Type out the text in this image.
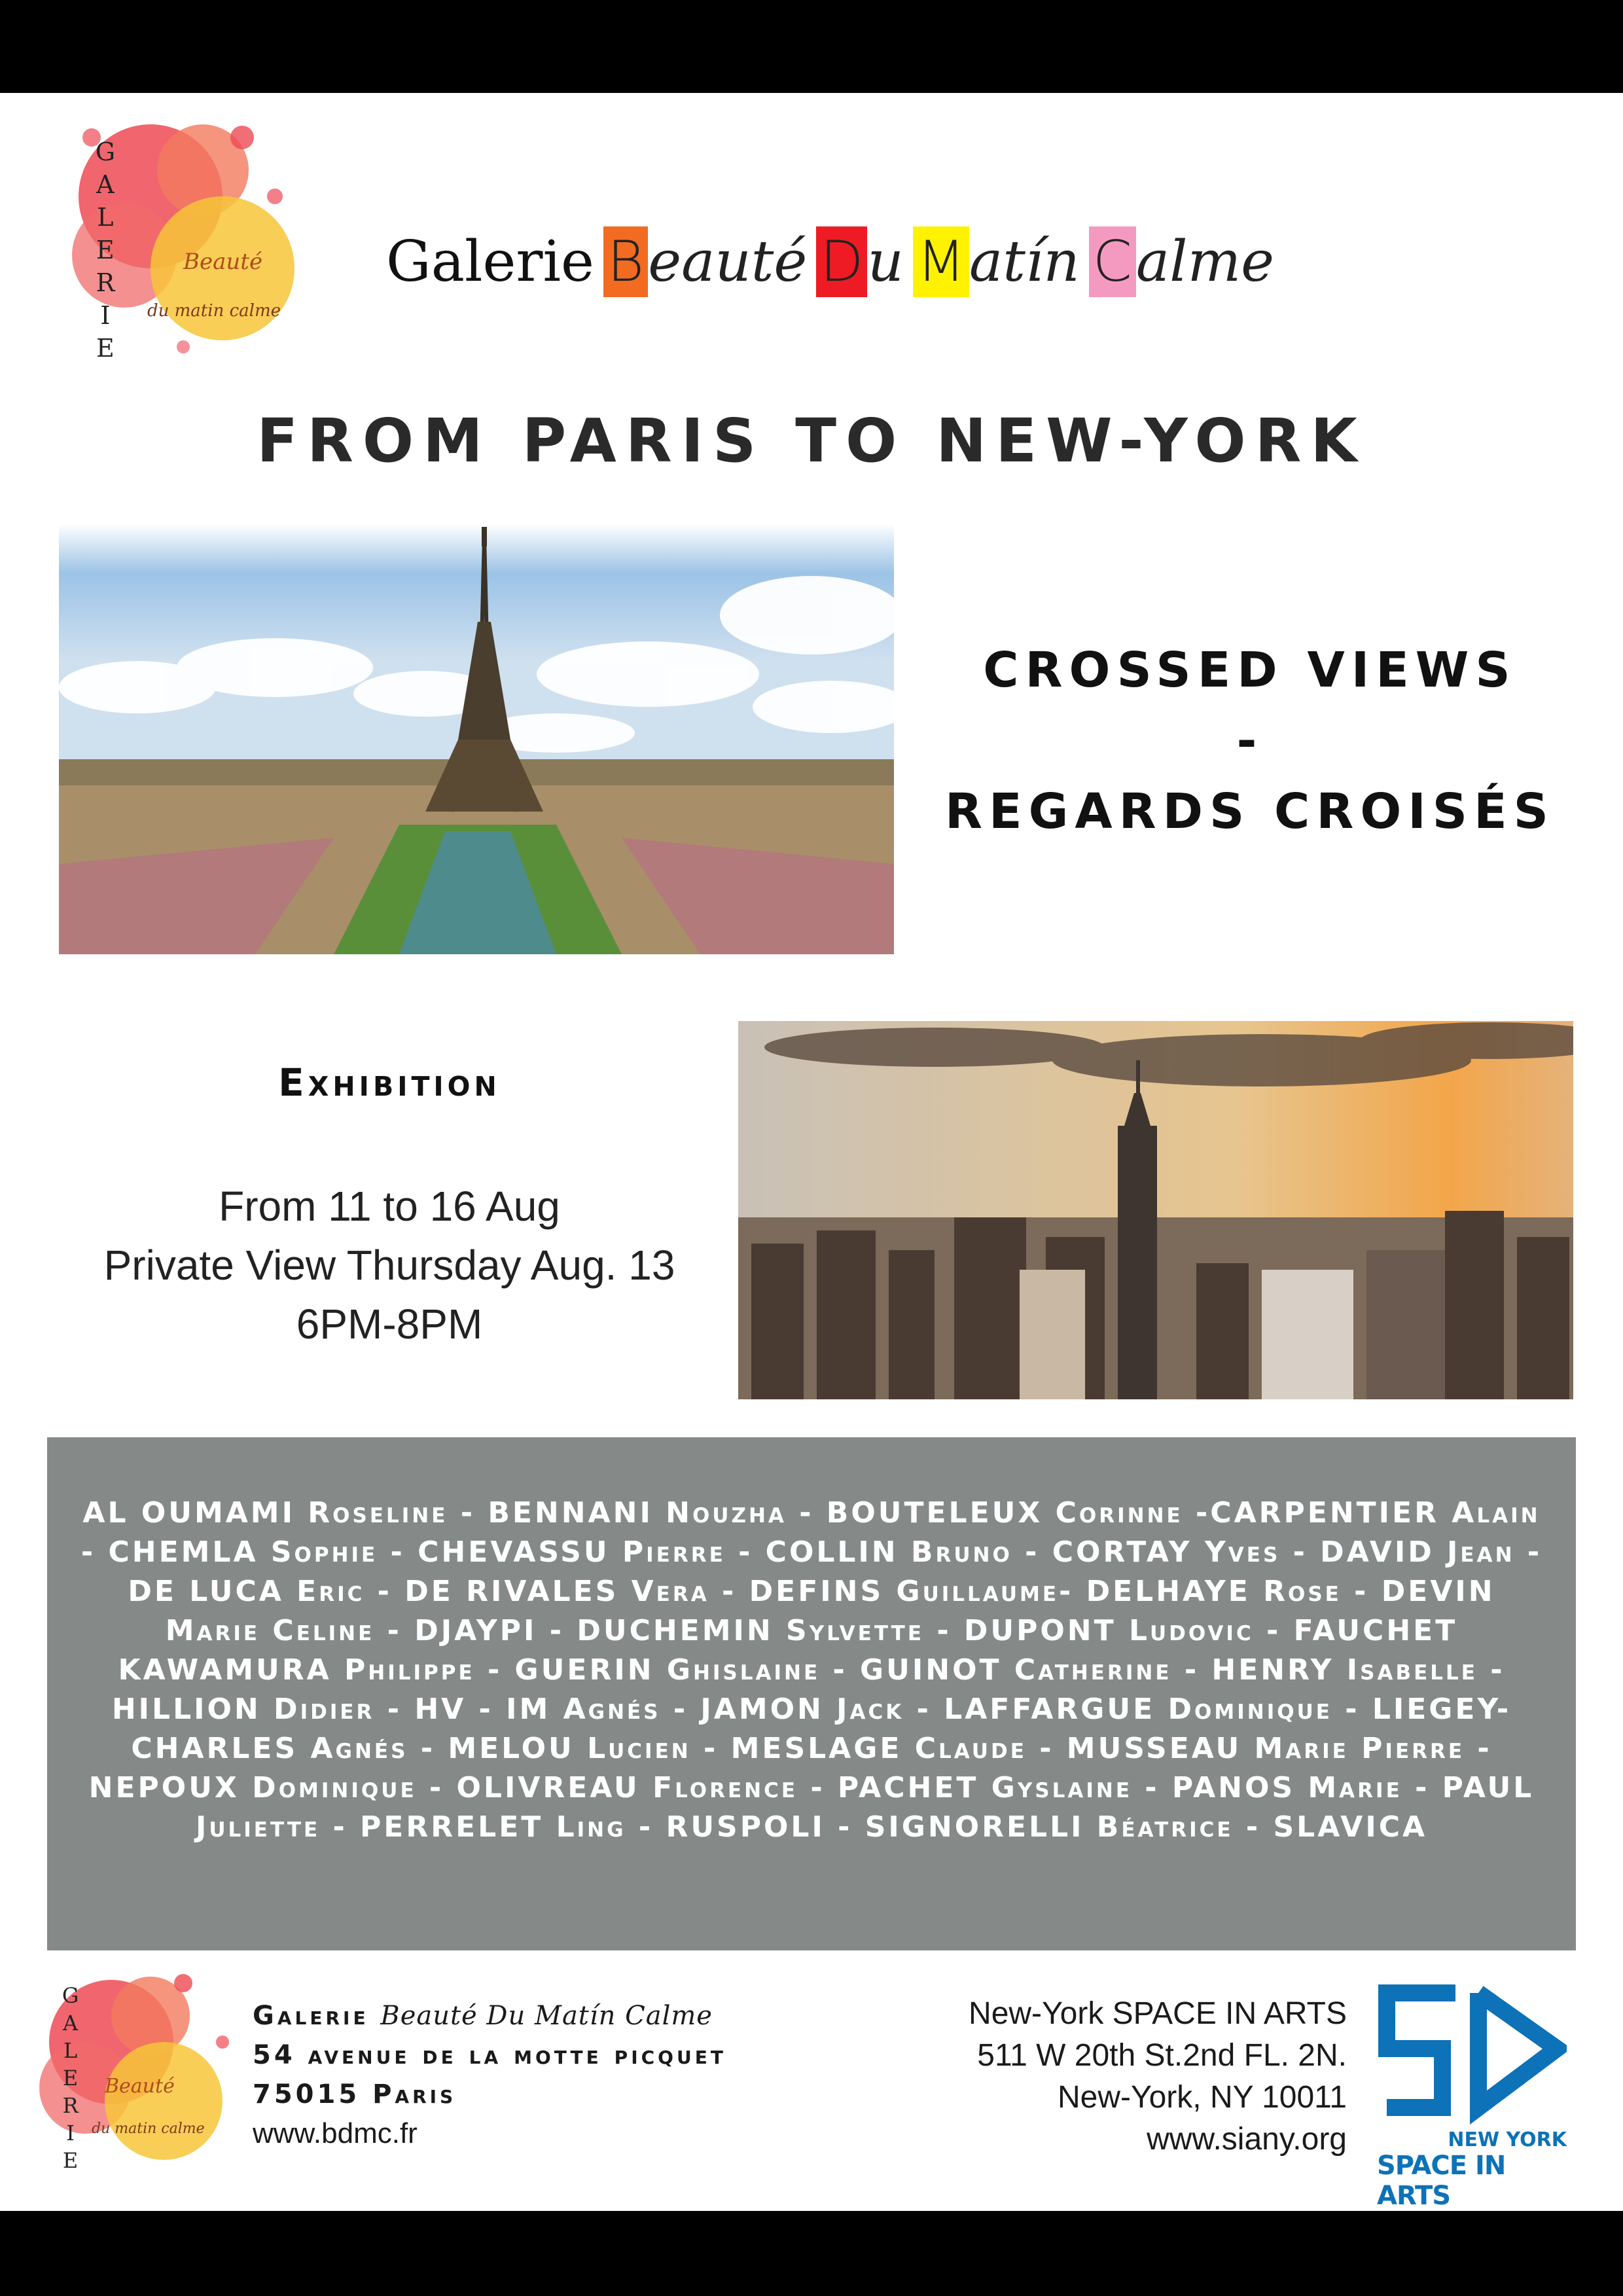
GALERIE	Beauté
du matin calme
Galerie B eauté D u M atín C alme
FROM PARIS TO NEW-YORK
CROSSED VIEWS
-
REGARDS CROISÉS
Exhibition
From 11 to 16 Aug
Private View Thursday Aug. 13
6PM-8PM
AL OUMAMI Roseline - BENNANI Nouzha - BOUTELEUX Corinne -CARPENTIER Alain - CHEMLA Sophie - CHEVASSU Pierre - COLLIN Bruno - CORTAY Yves - DAVID Jean - DE LUCA Eric - DE RIVALES Vera - DEFINS Guillaume- DELHAYE Rose - DEVIN Marie Celine - DJAYPI - DUCHEMIN Sylvette - DUPONT Ludovic - FAUCHET KAWAMURA Philippe - GUERIN Ghislaine - GUINOT Catherine - HENRY Isabelle - HILLION Didier - HV - IM Agnés - JAMON Jack - LAFFARGUE Dominique - LIEGEY-CHARLES Agnés - MELOU Lucien - MESLAGE Claude - MUSSEAU Marie Pierre - NEPOUX Dominique - OLIVREAU Florence - PACHET Gyslaine - PANOS Marie - PAUL Juliette - PERRELET Ling - RUSPOLI - SIGNORELLI Béatrice - SLAVICA
GALERIE Beauté
du matin calme
Galerie Beauté Du Matín Calme
54 avenue de la motte picquet
75015 Paris
www.bdmc.fr
New-York SPACE IN ARTS
511 W 20th St.2nd FL. 2N.
New-York, NY 10011
www.siany.org	NEW YORK
SPACE IN ARTS
